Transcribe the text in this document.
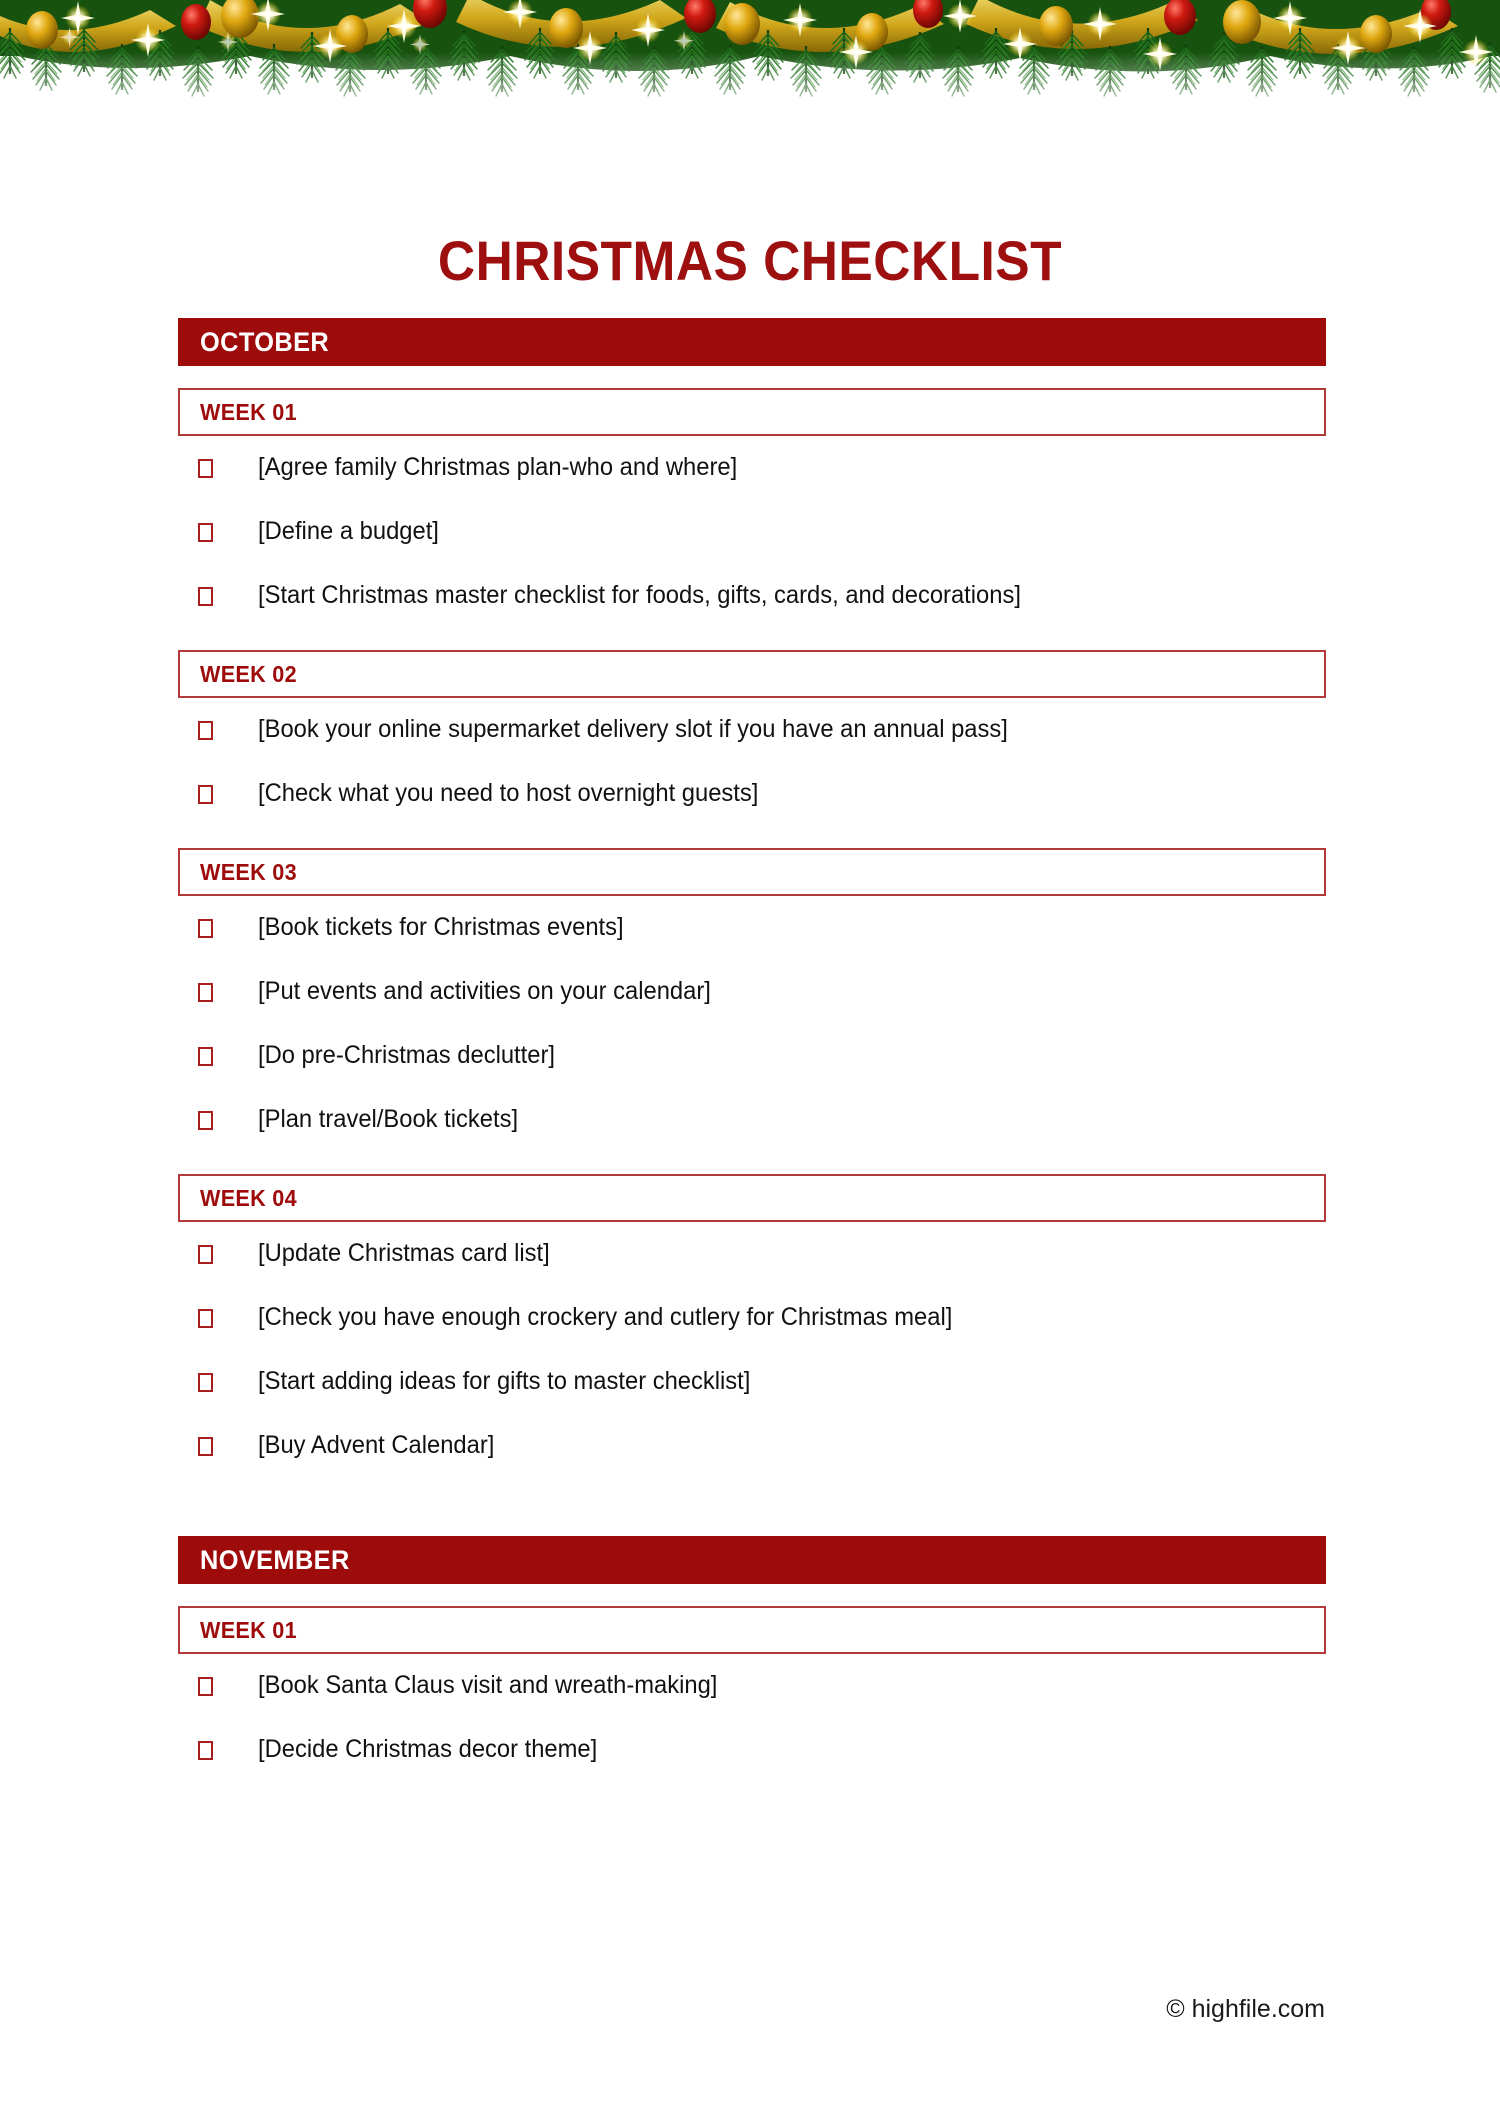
CHRISTMAS CHECKLIST
OCTOBER
WEEK 01
[Agree family Christmas plan-who and where]
[Define a budget]
[Start Christmas master checklist for foods, gifts, cards, and decorations]
WEEK 02
[Book your online supermarket delivery slot if you have an annual pass]
[Check what you need to host overnight guests]
WEEK 03
[Book tickets for Christmas events]
[Put events and activities on your calendar]
[Do pre-Christmas declutter]
[Plan travel/Book tickets]
WEEK 04
[Update Christmas card list]
[Check you have enough crockery and cutlery for Christmas meal]
[Start adding ideas for gifts to master checklist]
[Buy Advent Calendar]
NOVEMBER
WEEK 01
[Book Santa Claus visit and wreath-making]
[Decide Christmas decor theme]
© highfile.com
